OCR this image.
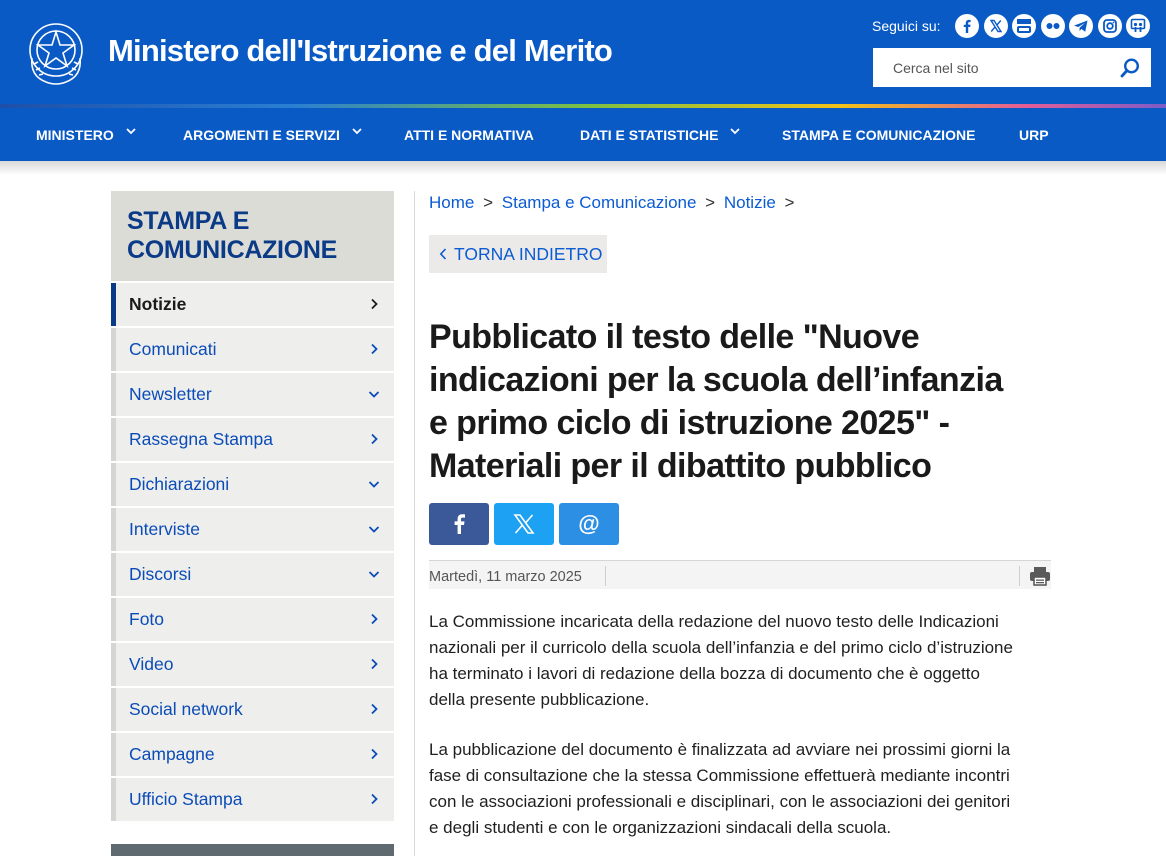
Ministero dell'Istruzione e del Merito
Seguici su:
Cerca nel sito
MINISTERO	ARGOMENTI E SERVIZI	ATTI E NORMATIVA	DATI E STATISTICHE	STAMPA E COMUNICAZIONE	URP
STAMPA E COMUNICAZIONE
Notizie
Comunicati
Newsletter
Rassegna Stampa
Dichiarazioni
Interviste
Discorsi
Foto
Video
Social network
Campagne
Ufficio Stampa
Home > Stampa e Comunicazione > Notizie >
TORNA INDIETRO
Pubblicato il testo delle "Nuove indicazioni per la scuola dell’infanzia e primo ciclo di istruzione 2025" - Materiali per il dibattito pubblico
@
Martedì, 11 marzo 2025

La Commissione incaricata della redazione del nuovo testo delle Indicazioni nazionali per il curricolo della scuola dell’infanzia e del primo ciclo d’istruzione ha terminato i lavori di redazione della bozza di documento che è oggetto della presente pubblicazione.

La pubblicazione del documento è finalizzata ad avviare nei prossimi giorni la fase di consultazione che la stessa Commissione effettuerà mediante incontri con le associazioni professionali e disciplinari, con le associazioni dei genitori e degli studenti e con le organizzazioni sindacali della scuola.
